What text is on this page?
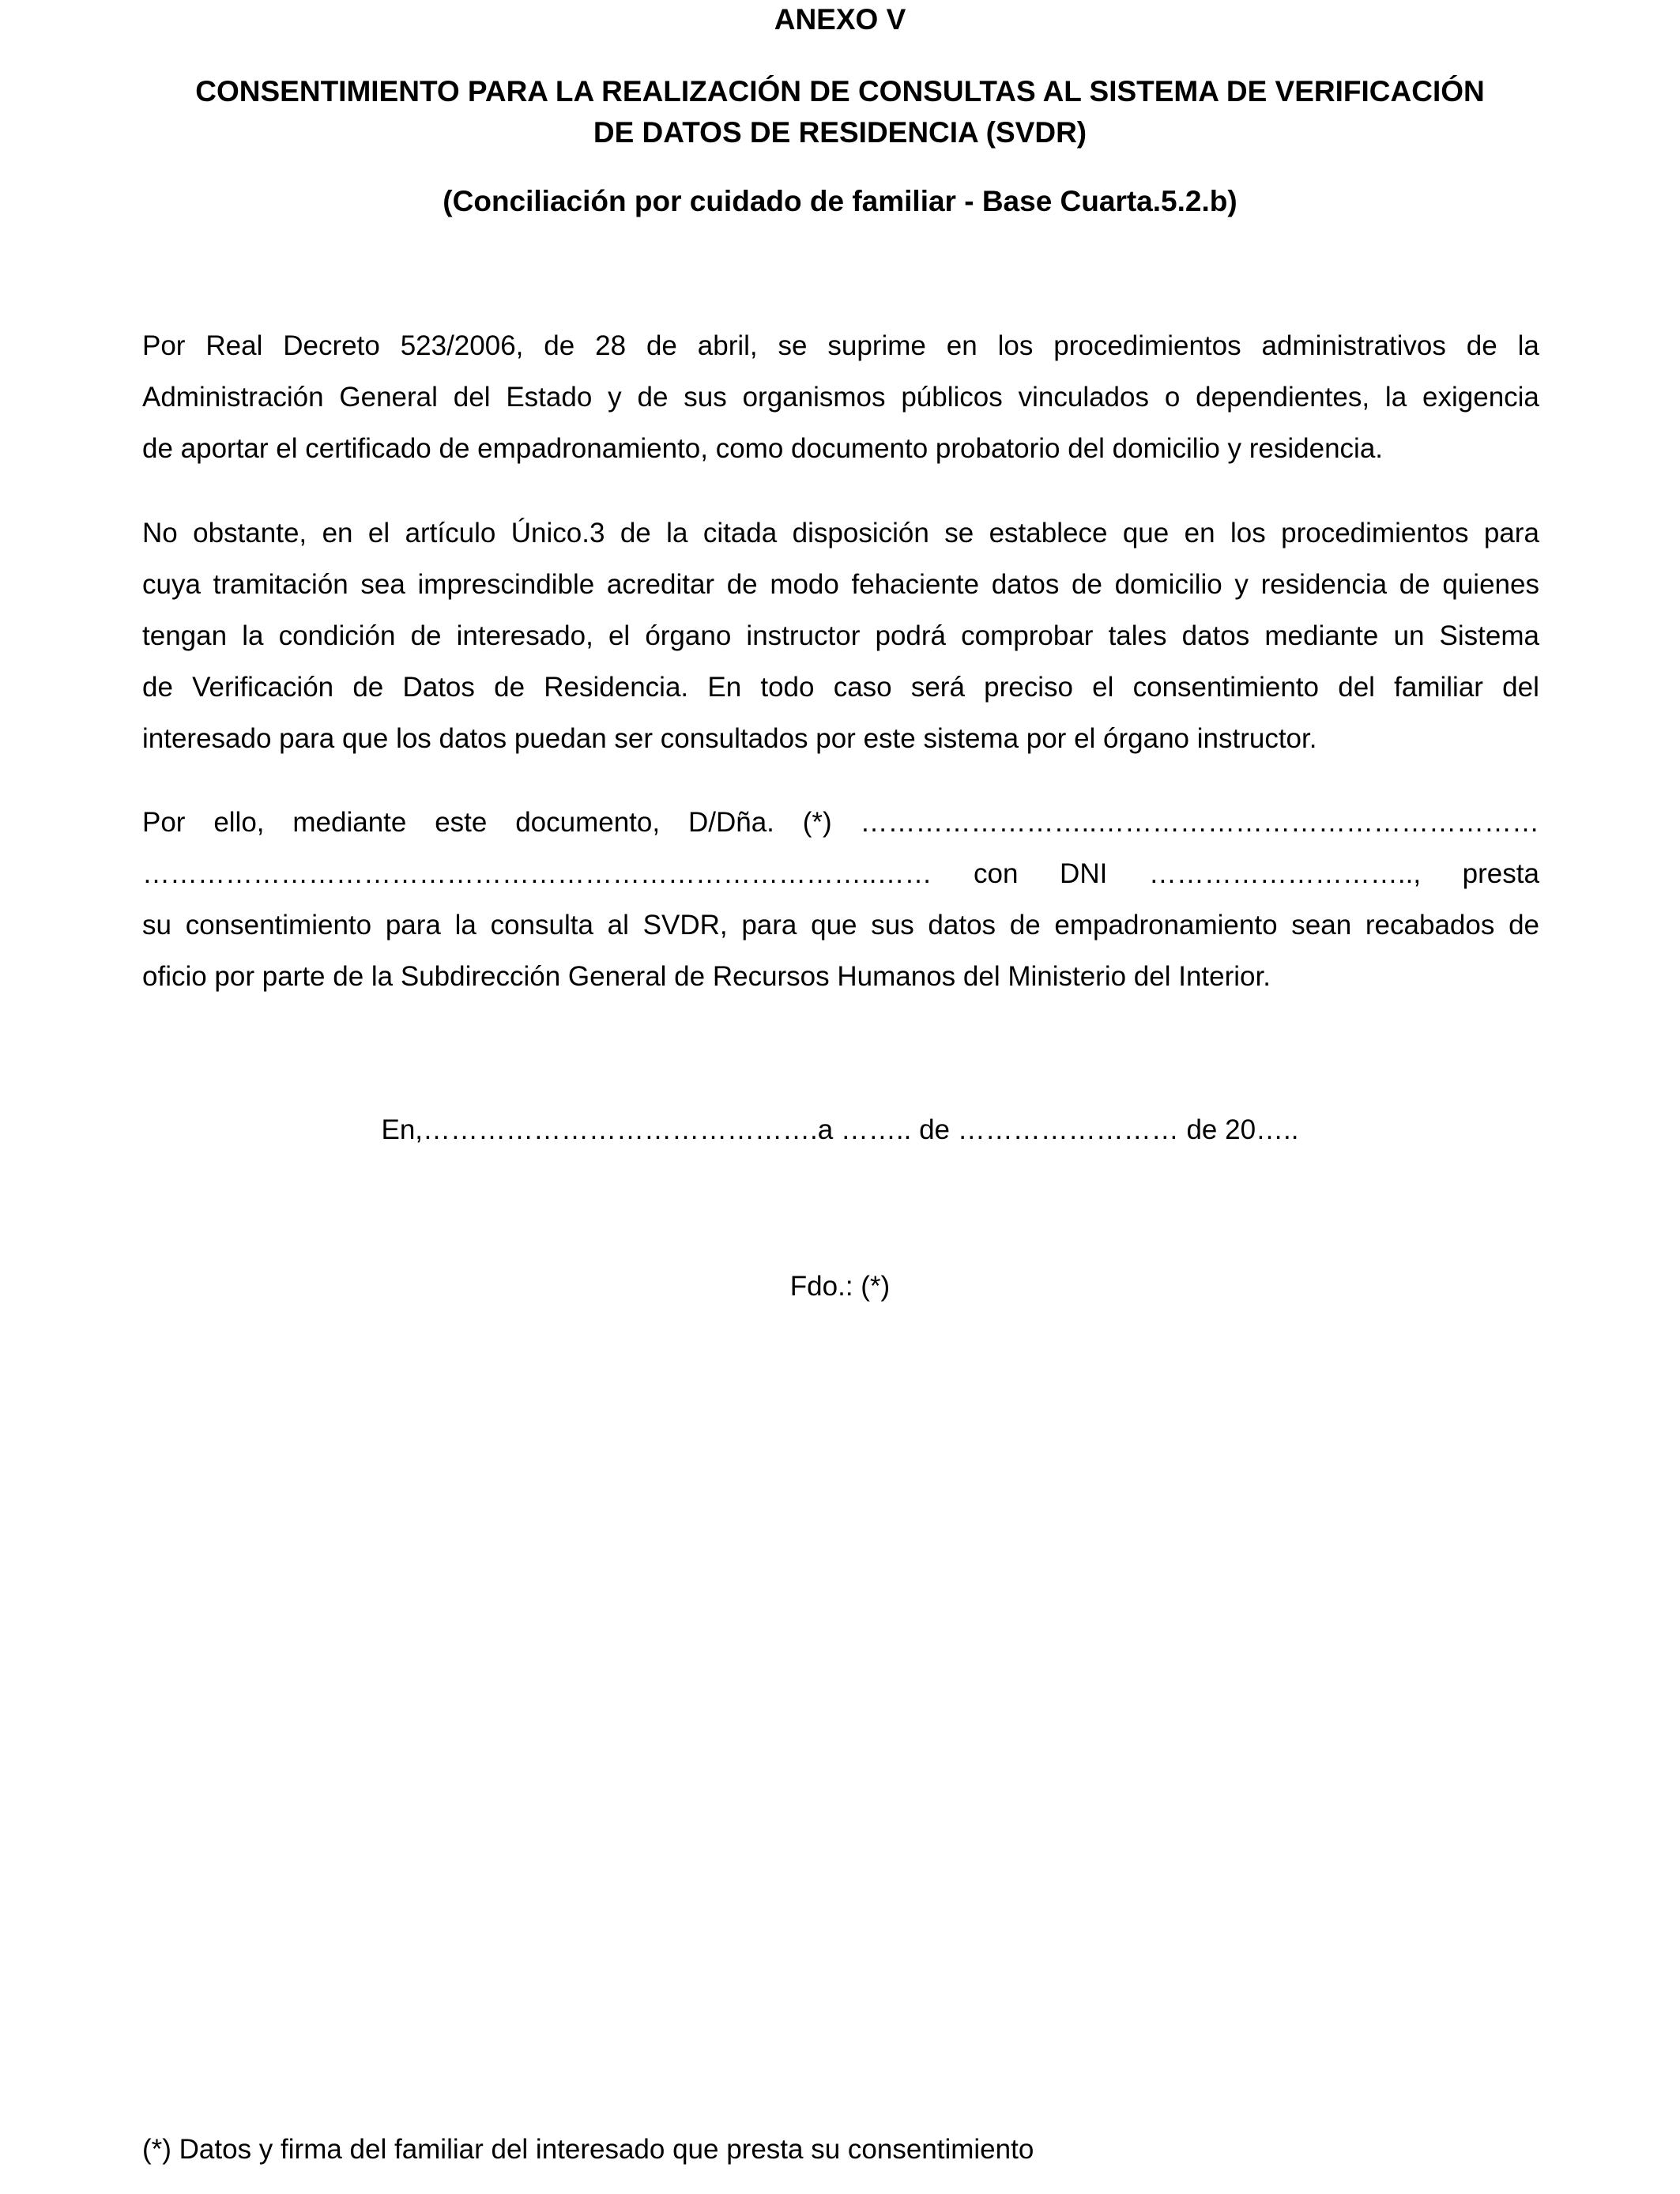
ANEXO V
CONSENTIMIENTO PARA LA REALIZACIÓN DE CONSULTAS AL SISTEMA DE VERIFICACIÓN
DE DATOS DE RESIDENCIA (SVDR)
(Conciliación por cuidado de familiar - Base Cuarta.5.2.b)
Por Real Decreto 523/2006, de 28 de abril, se suprime en los procedimientos administrativos de la
Administración General del Estado y de sus organismos públicos vinculados o dependientes, la exigencia
de aportar el certificado de empadronamiento, como documento probatorio del domicilio y residencia.
No obstante, en el artículo Único.3 de la citada disposición se establece que en los procedimientos para
cuya tramitación sea imprescindible acreditar de modo fehaciente datos de domicilio y residencia de quienes
tengan la condición de interesado, el órgano instructor podrá comprobar tales datos mediante un Sistema
de Verificación de Datos de Residencia. En todo caso será preciso el consentimiento del familiar del
interesado para que los datos puedan ser consultados por este sistema por el órgano instructor.
Por ello, mediante este documento, D/Dña. (*) ……………………..…………………………………………
……………………………………………………………………..…… con DNI ……………………….., presta
su consentimiento para la consulta al SVDR, para que sus datos de empadronamiento sean recabados de
oficio por parte de la Subdirección General de Recursos Humanos del Ministerio del Interior.
En,…………………………………….a …….. de …………………… de 20…..
Fdo.: (*)
(*) Datos y firma del familiar del interesado que presta su consentimiento
